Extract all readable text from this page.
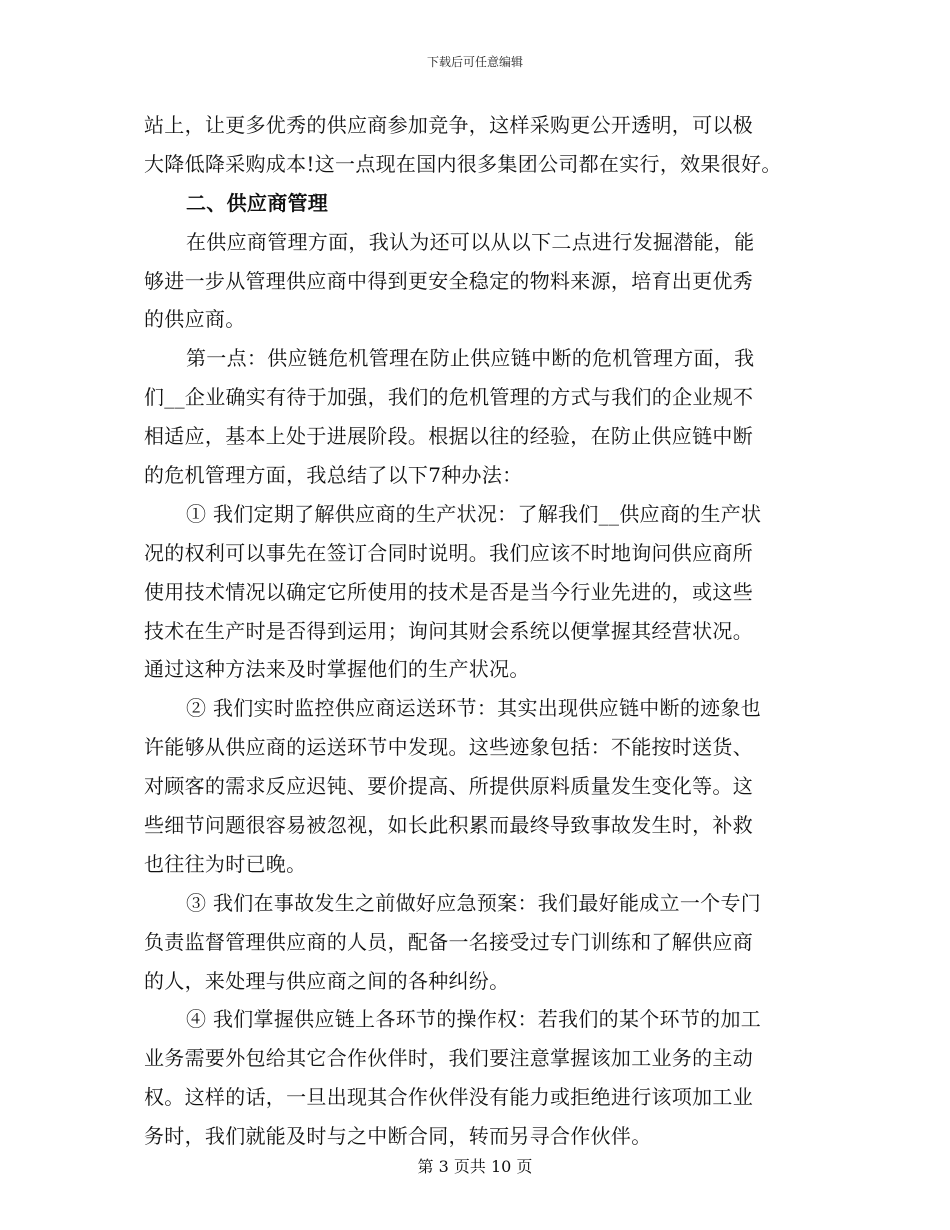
下载后可任意编辑
站上，让更多优秀的供应商参加竞争，这样采购更公开透明，可以极
大降低降采购成本!这一点现在国内很多集团公司都在实行，效果很好。
二、供应商管理
在供应商管理方面，我认为还可以从以下二点进行发掘潜能，能
够进一步从管理供应商中得到更安全稳定的物料来源，培育出更优秀
的供应商。
第一点：供应链危机管理在防止供应链中断的危机管理方面，我
们__企业确实有待于加强，我们的危机管理的方式与我们的企业规不
相适应，基本上处于进展阶段。根据以往的经验，在防止供应链中断
的危机管理方面，我总结了以下7种办法：
① 我们定期了解供应商的生产状况：了解我们__供应商的生产状
况的权利可以事先在签订合同时说明。我们应该不时地询问供应商所
使用技术情况以确定它所使用的技术是否是当今行业先进的，或这些
技术在生产时是否得到运用；询问其财会系统以便掌握其经营状况。
通过这种方法来及时掌握他们的生产状况。
② 我们实时监控供应商运送环节：其实出现供应链中断的迹象也
许能够从供应商的运送环节中发现。这些迹象包括：不能按时送货、
对顾客的需求反应迟钝、要价提高、所提供原料质量发生变化等。这
些细节问题很容易被忽视，如长此积累而最终导致事故发生时，补救
也往往为时已晚。
③ 我们在事故发生之前做好应急预案：我们最好能成立一个专门
负责监督管理供应商的人员，配备一名接受过专门训练和了解供应商
的人，来处理与供应商之间的各种纠纷。
④ 我们掌握供应链上各环节的操作权：若我们的某个环节的加工
业务需要外包给其它合作伙伴时，我们要注意掌握该加工业务的主动
权。这样的话，一旦出现其合作伙伴没有能力或拒绝进行该项加工业
务时，我们就能及时与之中断合同，转而另寻合作伙伴。
第 3 页共 10 页
